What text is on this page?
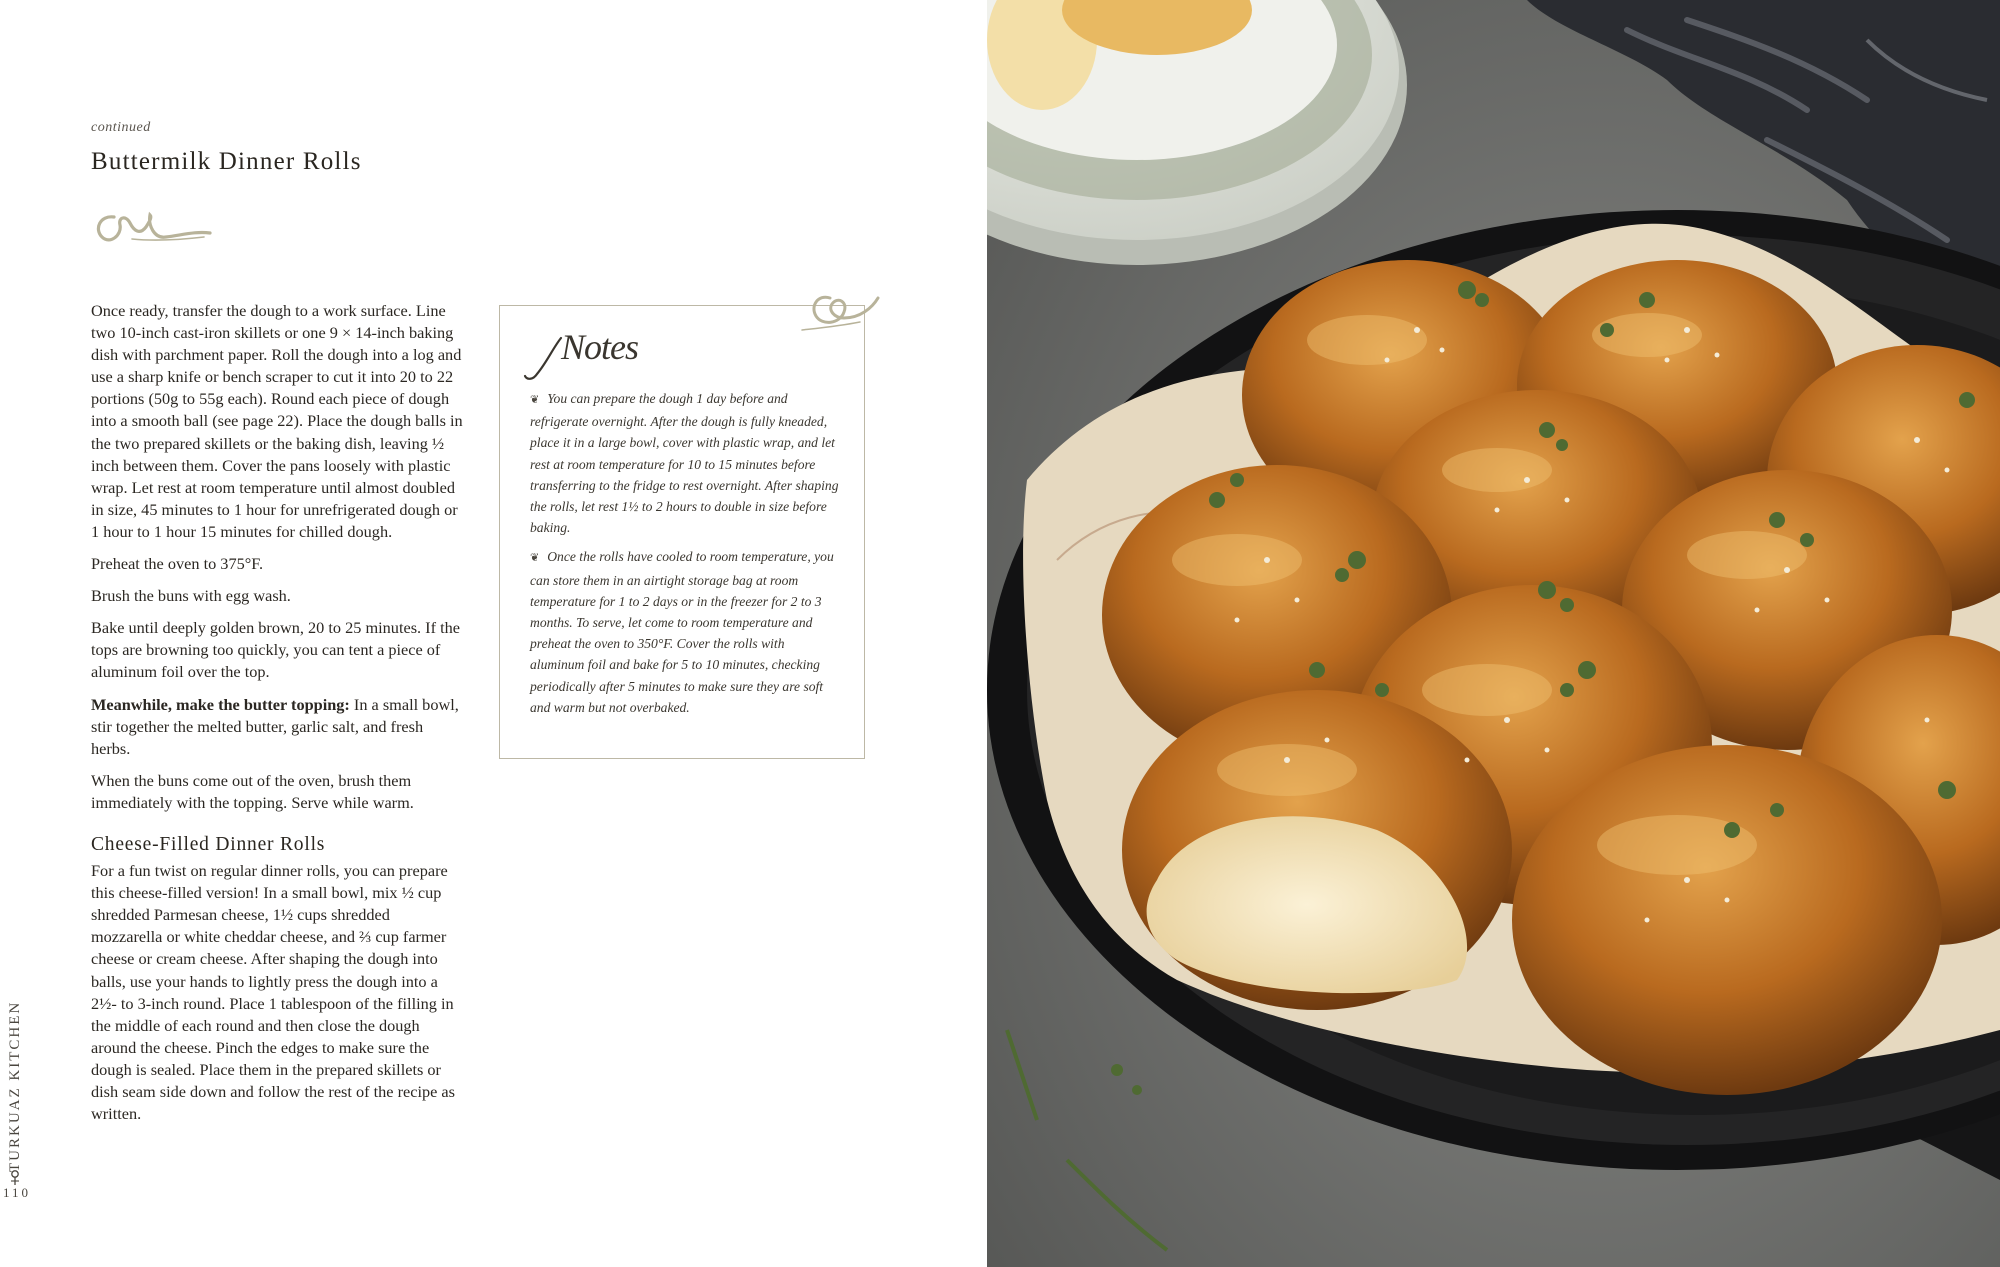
continued
Buttermilk Dinner Rolls

Once ready, transfer the dough to a work surface. Line two 10-inch cast-iron skillets or one 9 × 14-inch baking dish with parchment paper. Roll the dough into a log and use a sharp knife or bench scraper to cut it into 20 to 22 portions (50g to 55g each). Round each piece of dough into a smooth ball (see page 22). Place the dough balls in the two prepared skillets or the baking dish, leaving ½ inch between them. Cover the pans loosely with plastic wrap. Let rest at room temperature until almost doubled in size, 45 minutes to 1 hour for unrefrigerated dough or 1 hour to 1 hour 15 minutes for chilled dough.

Preheat the oven to 375°F.

Brush the buns with egg wash.

Bake until deeply golden brown, 20 to 25 minutes. If the tops are browning too quickly, you can tent a piece of aluminum foil over the top.

Meanwhile, make the butter topping: In a small bowl, stir together the melted butter, garlic salt, and fresh herbs.

When the buns come out of the oven, brush them immediately with the topping. Serve while warm.

Cheese-Filled Dinner Rolls

For a fun twist on regular dinner rolls, you can prepare this cheese-filled version! In a small bowl, mix ½ cup shredded Parmesan cheese, 1½ cups shredded mozzarella or white cheddar cheese, and ⅔ cup farmer cheese or cream cheese. After shaping the dough into balls, use your hands to lightly press the dough into a 2½- to 3-inch round. Place 1 tablespoon of the filling in the middle of each round and then close the dough around the cheese. Pinch the edges to make sure the dough is sealed. Place them in the prepared skillets or dish seam side down and follow the rest of the recipe as written.

Notes

❦ You can prepare the dough 1 day before and refrigerate overnight. After the dough is fully kneaded, place it in a large bowl, cover with plastic wrap, and let rest at room temperature for 10 to 15 minutes before transferring to the fridge to rest overnight. After shaping the rolls, let rest 1½ to 2 hours to double in size before baking.

❦ Once the rolls have cooled to room temperature, you can store them in an airtight storage bag at room temperature for 1 to 2 days or in the freezer for 2 to 3 months. To serve, let come to room temperature and preheat the oven to 350°F. Cover the rolls with aluminum foil and bake for 5 to 10 minutes, checking periodically after 5 minutes to make sure they are soft and warm but not overbaked.

TURKUAZ KITCHEN
110
